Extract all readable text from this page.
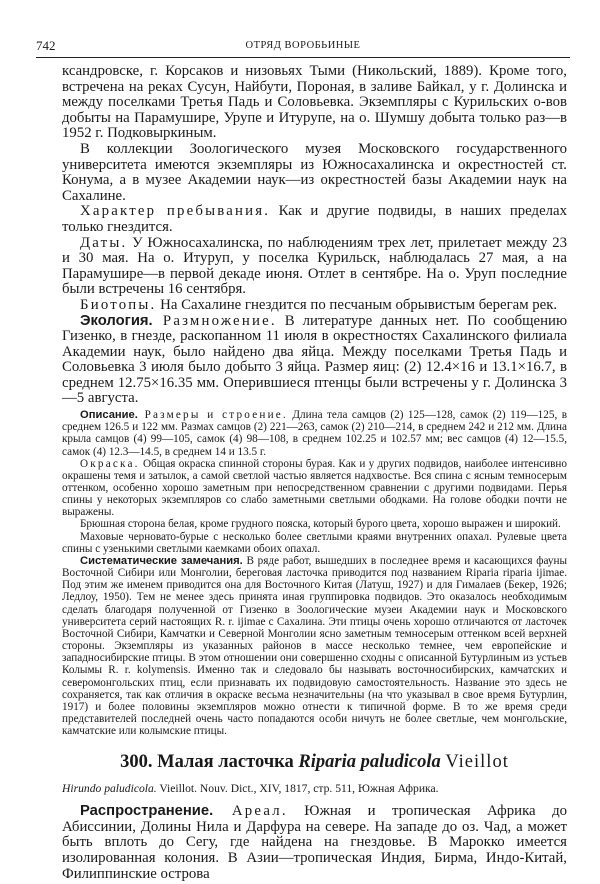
742	ОТРЯД ВОРОБЬИНЫЕ

ксандровске, г. Корсаков и низовьях Тыми (Никольский, 1889). Кроме того, встречена на реках Сусун, Найбути, Пороная, в заливе Байкал, у г. Долинска и между поселками Третья Падь и Соловьевка. Экземпляры с Курильских о-вов добыты на Парамушире, Урупе и Итурупе, на о. Шумшу добыта только раз—в 1952 г. Подковыркиным.

В коллекции Зоологического музея Московского государственного университета имеются экземпляры из Южносахалинска и окрестностей ст. Конума, а в музее Академии наук—из окрестностей базы Академии наук на Сахалине.

Характер пребывания. Как и другие подвиды, в наших пределах только гнездится.

Даты. У Южносахалинска, по наблюдениям трех лет, прилетает между 23 и 30 мая. На о. Итуруп, у поселка Курильск, наблюдалась 27 мая, а на Парамушире—в первой декаде июня. Отлет в сентябре. На о. Уруп последние были встречены 16 сентября.

Биотопы. На Сахалине гнездится по песчаным обрывистым берегам рек.

Экология. Размножение. В литературе данных нет. По сообщению Гизенко, в гнезде, раскопанном 11 июля в окрестностях Сахалинского филиала Академии наук, было найдено два яйца. Между поселками Третья Падь и Соловьевка 3 июля было добыто 3 яйца. Размер яиц: (2) 12.4×16 и 13.1×16.7, в среднем 12.75×16.35 мм. Оперившиеся птенцы были встречены у г. Долинска 3—5 августа.

Описание. Размеры и строение. Длина тела самцов (2) 125—128, самок (2) 119—125, в среднем 126.5 и 122 мм. Размах самцов (2) 221—263, самок (2) 210—214, в среднем 242 и 212 мм. Длина крыла самцов (4) 99—105, самок (4) 98—108, в среднем 102.25 и 102.57 мм; вес самцов (4) 12—15.5, самок (4) 12.3—14.5, в среднем 14 и 13.5 г.

Окраска. Общая окраска спинной стороны бурая. Как и у других подвидов, наиболее интенсивно окрашены темя и затылок, а самой светлой частью является надхвостье. Вся спина с ясным темносерым оттенком, особенно хорошо заметным при непосредственном сравнении с другими подвидами. Перья спины у некоторых экземпляров со слабо заметными светлыми ободками. На головe ободки почти не выражены.

Брюшная сторона белая, кроме грудного пояска, который бурого цвета, хорошо выражен и широкий.

Маховые черновато-бурые с несколько более светлыми краями внутренних опахал. Рулевые цвета спины с узенькими светлыми каемками обоих опахал.

Систематические замечания. В ряде работ, вышедших в последнее время и касающихся фауны Восточной Сибири или Монголии, береговая ласточка приводится под названием Riparia riparia ijimae. Под этим же именем приводится она для Восточного Китая (Латуш, 1927) и для Гималаев (Бекер, 1926; Ледлоу, 1950). Тем не менее здесь принята иная группировка подвидов. Это оказалось необходимым сделать благодаря полученной от Гизенко в Зоологические музеи Академии наук и Московского университета серий настоящих R. r. ijimae с Сахалина. Эти птицы очень хорошо отличаются от ласточек Восточной Сибири, Камчатки и Северной Монголии ясно заметным темносерым оттенком всей верхней стороны. Экземпляры из указанных районов в массе несколько темнее, чем европейские и западносибирские птицы. В этом отношении они совершенно сходны с описанной Бутурлиным из устьев Колымы R. r. kolymensis. Именно так и следовало бы называть восточносибирских, камчатских и северомонгольских птиц, если признавать их подвидовую самостоятельность. Название это здесь не сохраняется, так как отличия в окраске весьма незначительны (на что указывал в свое время Бутурлин, 1917) и более половины экземпляров можно отнести к типичной форме. В то же время среди представителей последней очень часто попадаются особи ничуть не более светлые, чем монгольские, камчатские или колымские птицы.

300. Малая ласточка Riparia paludicola Vieillot

Hirundo paludicola. Vieillot. Nouv. Dict., XIV, 1817, стр. 511, Южная Африка.

Распространение. Ареал. Южная и тропическая Африка до Абиссинии, Долины Нила и Дарфура на севере. На западе до оз. Чад, а может быть вплоть до Сегу, где найдена на гнездовье. В Марокко имеется изолированная колония. В Азии—тропическая Индия, Бирма, Индо-Китай, Филиппинские острова
